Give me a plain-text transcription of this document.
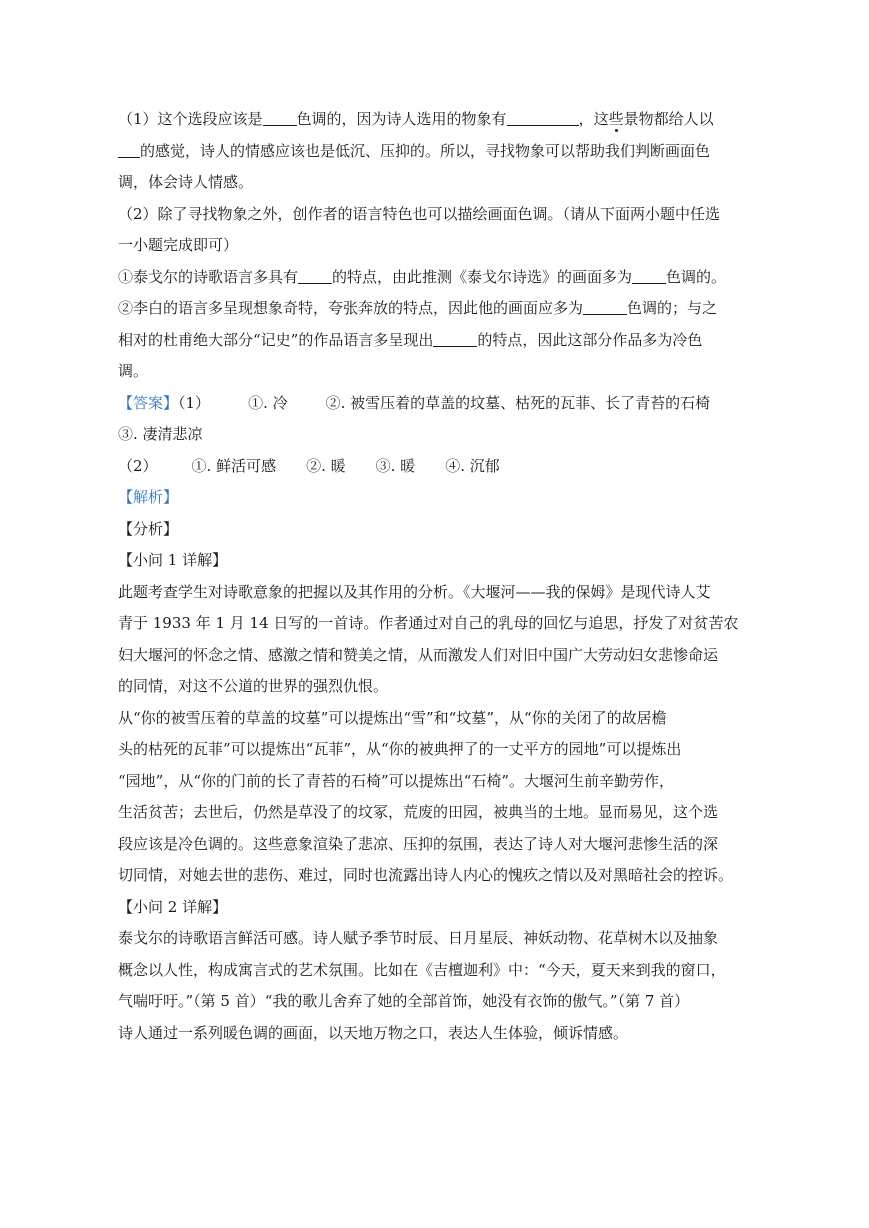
（1）这个选段应该是 色调的，因为诗人选用的物象有	，这些景物都给人以
的感觉，诗人的情感应该也是低沉、压抑的。所以，寻找物象可以帮助我们判断画面色
调，体会诗人情感。
（2）除了寻找物象之外，创作者的语言特色也可以描绘画面色调。（请从下面两小题中任选
一小题完成即可）
①泰戈尔的诗歌语言多具有 的特点，由此推测《泰戈尔诗选》的画面多为 色调的。
②李白的语言多呈现想象奇特，夸张奔放的特点，因此他的画面应多为	色调的；与之
相对的杜甫绝大部分“记史”的作品语言多呈现出	的特点，因此这部分作品多为冷色
调。
【答案】（1）	①. 冷	②. 被雪压着的草盖的坟墓、枯死的瓦菲、长了青苔的石椅
③. 凄清悲凉
（2） ①. 鲜活可感 ②. 暖 ③. 暖 ④. 沉郁
【解析】
【分析】
【小问 1 详解】
此题考查学生对诗歌意象的把握以及其作用的分析。《大堰河——我的保姆》是现代诗人艾
青于 1933 年 1 月 14 日写的一首诗。作者通过对自己的乳母的回忆与追思，抒发了对贫苦农
妇大堰河的怀念之情、感激之情和赞美之情，从而激发人们对旧中国广大劳动妇女悲惨命运
的同情，对这不公道的世界的强烈仇恨。
从“你的被雪压着的草盖的坟墓”可以提炼出“雪”和“坟墓”，从“你的关闭了的故居檐
头的枯死的瓦菲”可以提炼出“瓦菲”，从“你的被典押了的一丈平方的园地”可以提炼出
“园地”，从“你的门前的长了青苔的石椅”可以提炼出“石椅”。大堰河生前辛勤劳作，
生活贫苦；去世后，仍然是草没了的坟冢，荒废的田园，被典当的土地。显而易见，这个选
段应该是冷色调的。这些意象渲染了悲凉、压抑的氛围，表达了诗人对大堰河悲惨生活的深
切同情，对她去世的悲伤、难过，同时也流露出诗人内心的愧疚之情以及对黑暗社会的控诉。
【小问 2 详解】
泰戈尔的诗歌语言鲜活可感。诗人赋予季节时辰、日月星辰、神妖动物、花草树木以及抽象
概念以人性，构成寓言式的艺术氛围。比如在《吉檀迦利》中：“今天，夏天来到我的窗口，
气喘吁吁。”（第 5 首）“我的歌儿舍弃了她的全部首饰，她没有衣饰的傲气。”（第 7 首）
诗人通过一系列暖色调的画面，以天地万物之口，表达人生体验，倾诉情感。
